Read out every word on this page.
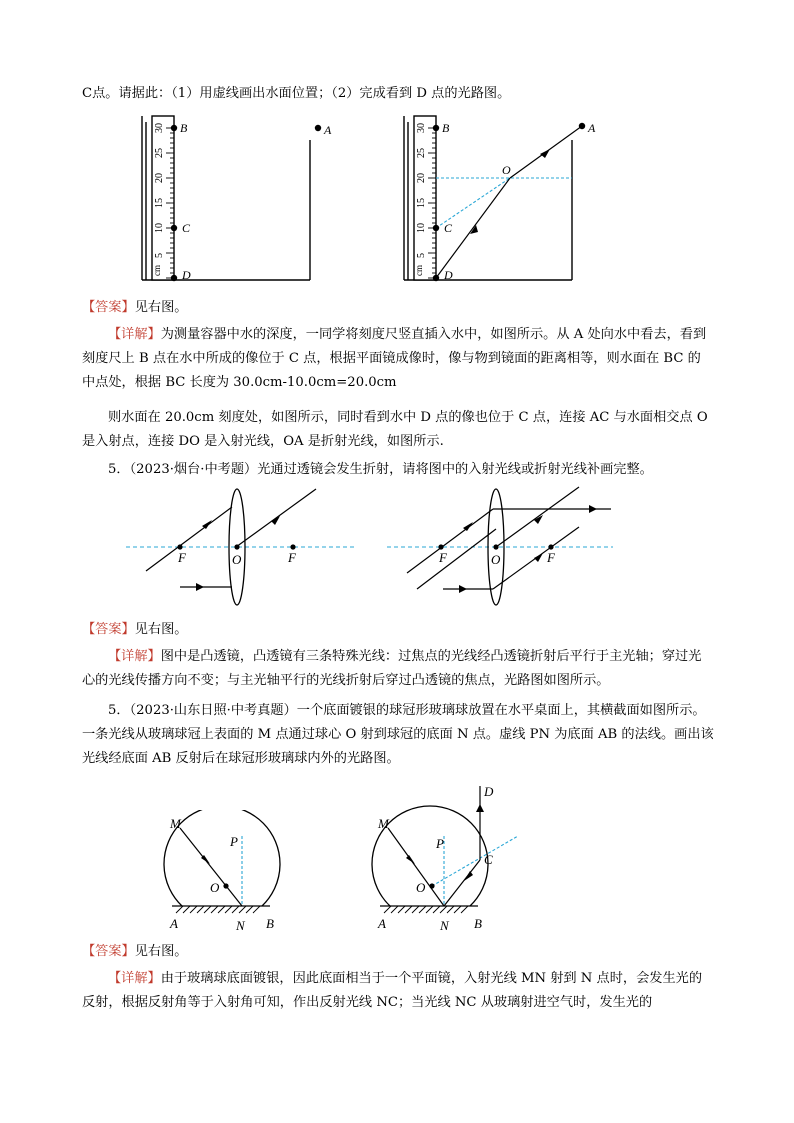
C点。请据此：（1）用虚线画出水面位置；（2）完成看到 D 点的光路图。

cm
5
10
15
20
25
30 B
C
D
A
cm
5
10
15
20
25
30 B
C
D
A
O

【答案】见右图。

【详解】为测量容器中水的深度，一同学将刻度尺竖直插入水中，如图所示。从 A 处向水中看去，看到刻度尺上 B 点在水中所成的像位于 C 点，根据平面镜成像时，像与物到镜面的距离相等，则水面在 BC 的中点处，根据 BC 长度为 30.0cm-10.0cm=20.0cm

则水面在 20.0cm 刻度处，如图所示，同时看到水中 D 点的像也位于 C 点，连接 AC 与水面相交点 O 是入射点，连接 DO 是入射光线，OA 是折射光线，如图所示.

5．（2023·烟台·中考题）光通过透镜会发生折射，请将图中的入射光线或折射光线补画完整。

F	O	F	F	O	F

【答案】见右图。

【详解】图中是凸透镜，凸透镜有三条特殊光线：过焦点的光线经凸透镜折射后平行于主光轴；穿过光心的光线传播方向不变；与主光轴平行的光线折射后穿过凸透镜的焦点，光路图如图所示。

5．（2023·山东日照·中考真题）一个底面镀银的球冠形玻璃球放置在水平桌面上，其横截面如图所示。一条光线从玻璃球冠上表面的 M 点通过球心 O 射到球冠的底面 N 点。虚线 PN 为底面 AB 的法线。画出该光线经底面 AB 反射后在球冠形玻璃球内外的光路图。

M
P
O
A	N B
D
M
P
C
O
A	N B

【答案】见右图。

【详解】由于玻璃球底面镀银，因此底面相当于一个平面镜，入射光线 MN 射到 N 点时，会发生光的反射，根据反射角等于入射角可知，作出反射光线 NC；当光线 NC 从玻璃射进空气时，发生光的
